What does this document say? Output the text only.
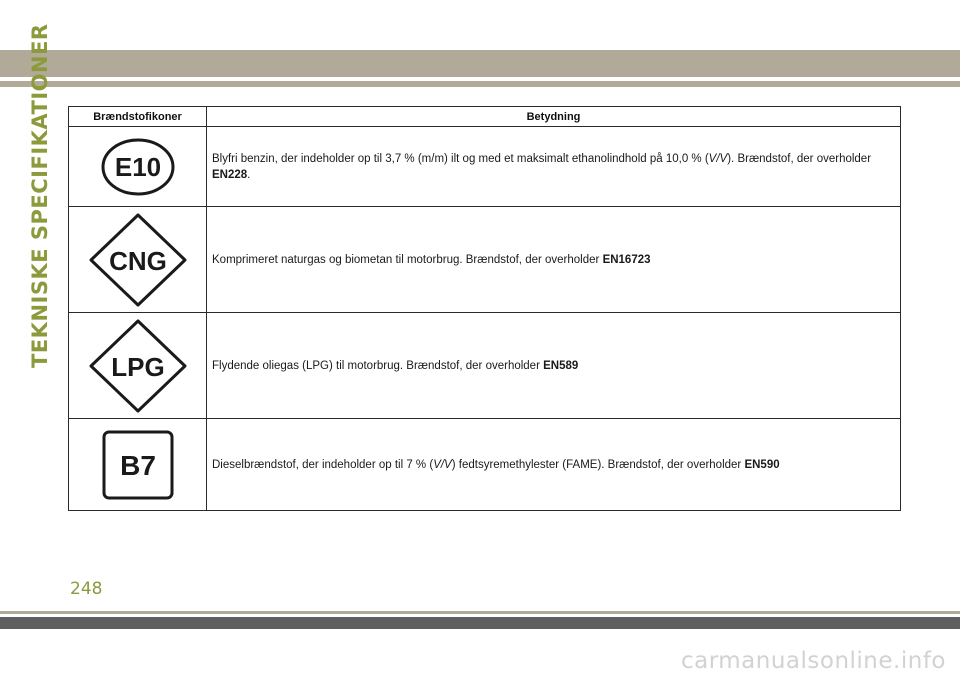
TEKNISKE SPECIFIKATIONER	Brændstofikoner	Betydning

E10	Blyfri benzin, der indeholder op til 3,7 % (m/m) ilt og med et maksimalt ethanolindhold på 10,0 % (V/V). Brændstof, der overholder EN228.

CNG	Komprimeret naturgas og biometan til motorbrug. Brændstof, der overholder EN16723

LPG	Flydende oliegas (LPG) til motorbrug. Brændstof, der overholder EN589

B7	Dieselbrændstof, der indeholder op til 7 % (V/V) fedtsyremethylester (FAME). Brændstof, der overholder EN590
248
carmanualsonline.info
